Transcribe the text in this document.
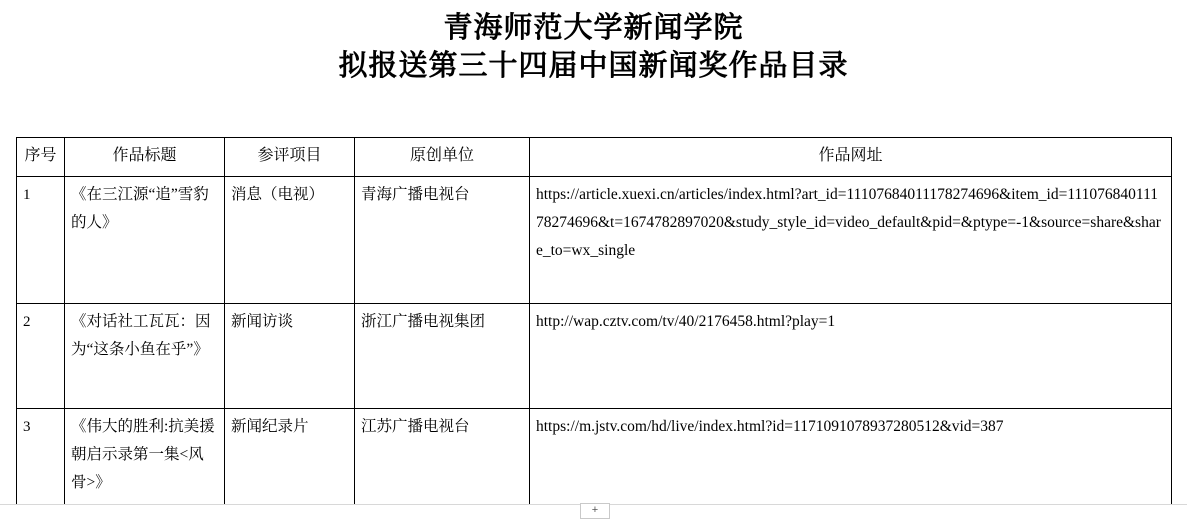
青海师范大学新闻学院
拟报送第三十四届中国新闻奖作品目录
序号	作品标题	参评项目	原创单位	作品网址
1	《在三江源“追”雪豹的人》	消息（电视）	青海广播电视台	https://article.xuexi.cn/articles/index.html?art_id=11107684011178274696&item_id=11107684011178274696&t=1674782897020&study_style_id=video_default&pid=&ptype=-1&source=share&share_to=wx_single
2	《对话社工瓦瓦：因为“这条小鱼在乎”》	新闻访谈	浙江广播电视集团	http://wap.cztv.com/tv/40/2176458.html?play=1
3	《伟大的胜利:抗美援朝启示录第一集<风骨>》	新闻纪录片	江苏广播电视台	https://m.jstv.com/hd/live/index.html?id=1171091078937280512&vid=387
+
